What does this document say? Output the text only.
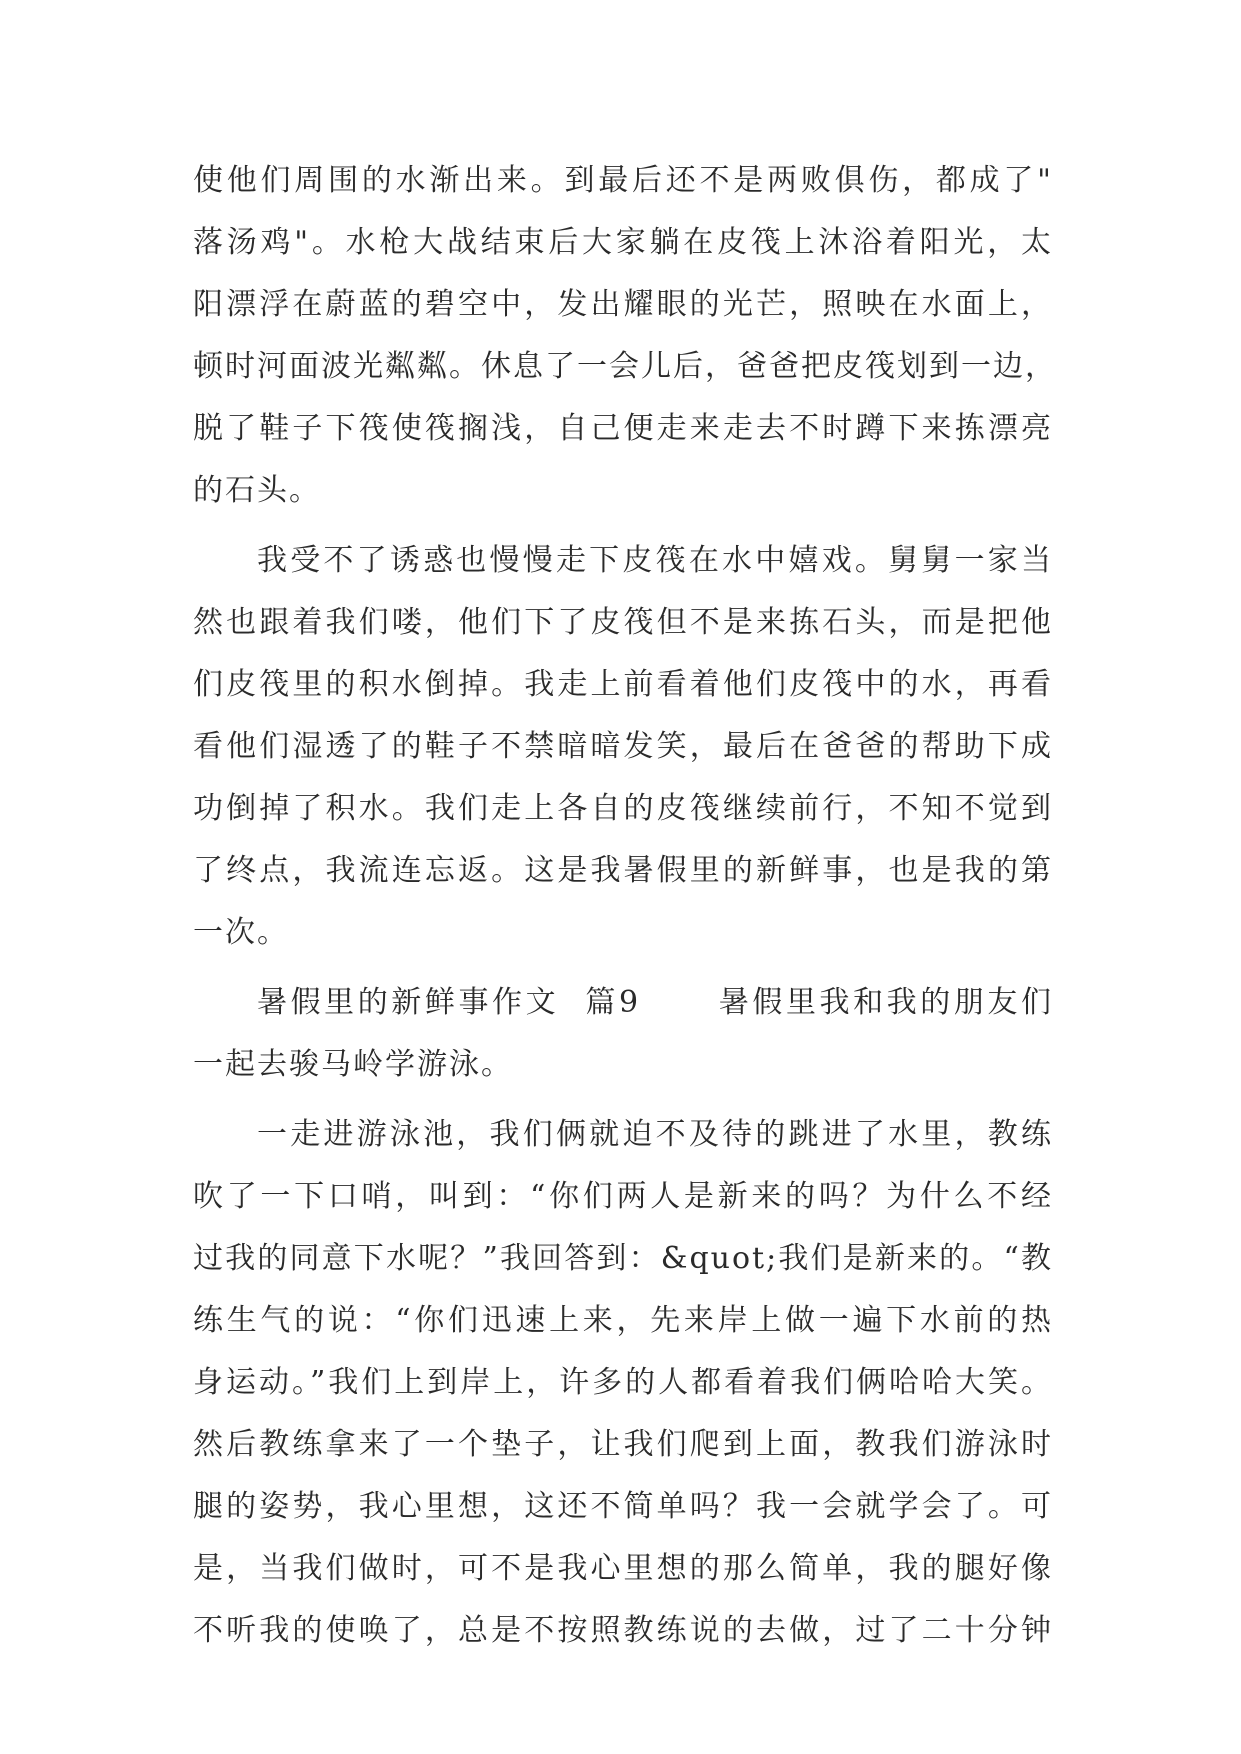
使他们周围的水渐出来。到最后还不是两败俱伤，都成了"
落汤鸡"。水枪大战结束后大家躺在皮筏上沐浴着阳光，太
阳漂浮在蔚蓝的碧空中，发出耀眼的光芒，照映在水面上，
顿时河面波光粼粼。休息了一会儿后，爸爸把皮筏划到一边，
脱了鞋子下筏使筏搁浅，自己便走来走去不时蹲下来拣漂亮
的石头。
我受不了诱惑也慢慢走下皮筏在水中嬉戏。舅舅一家当
然也跟着我们喽，他们下了皮筏但不是来拣石头，而是把他
们皮筏里的积水倒掉。我走上前看着他们皮筏中的水，再看
看他们湿透了的鞋子不禁暗暗发笑，最后在爸爸的帮助下成
功倒掉了积水。我们走上各自的皮筏继续前行，不知不觉到
了终点，我流连忘返。这是我暑假里的新鲜事，也是我的第
一次。
暑假里的新鲜事作文  篇9      暑假里我和我的朋友们
一起去骏马岭学游泳。
一走进游泳池，我们俩就迫不及待的跳进了水里，教练
吹了一下口哨，叫到：“你们两人是新来的吗？为什么不经
过我的同意下水呢？”我回答到：&quot;我们是新来的。“教
练生气的说：“你们迅速上来，先来岸上做一遍下水前的热
身运动。”我们上到岸上，许多的人都看着我们俩哈哈大笑。
然后教练拿来了一个垫子，让我们爬到上面，教我们游泳时
腿的姿势，我心里想，这还不简单吗？我一会就学会了。可
是，当我们做时，可不是我心里想的那么简单，我的腿好像
不听我的使唤了，总是不按照教练说的去做，过了二十分钟
